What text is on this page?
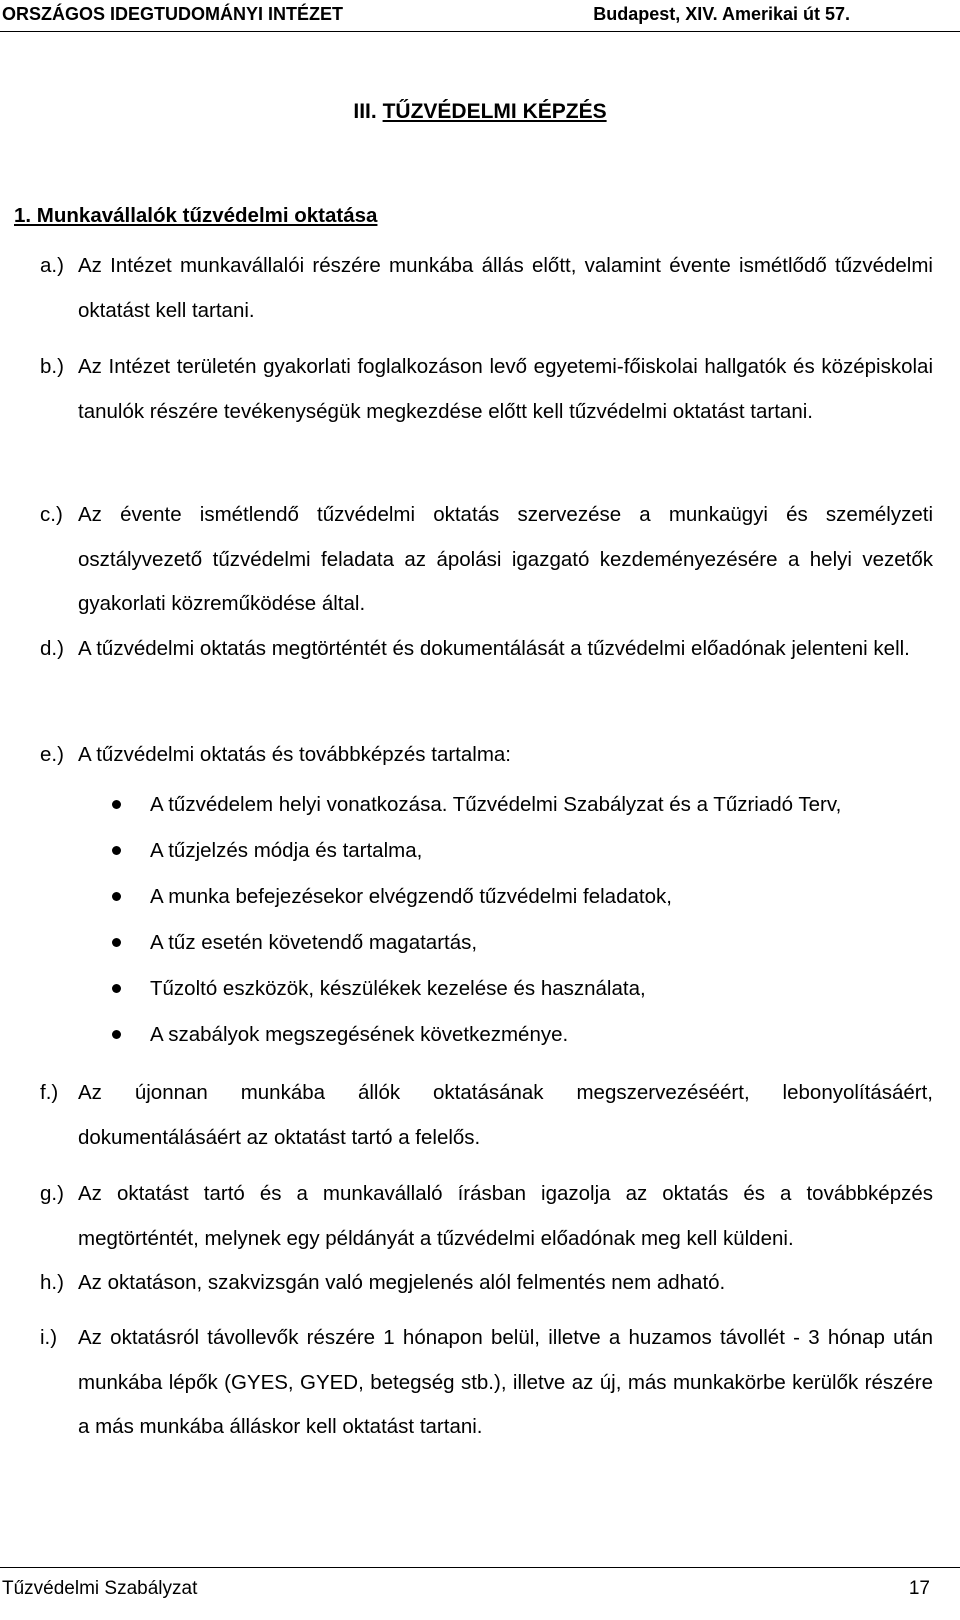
ORSZÁGOS IDEGTUDOMÁNYI INTÉZET	Budapest, XIV. Amerikai út 57.
III. TŰZVÉDELMI KÉPZÉS
1. Munkavállalók tűzvédelmi oktatása
a.) Az Intézet munkavállalói részére munkába állás előtt, valamint évente ismétlődő tűzvédelmi oktatást kell tartani.
b.) Az Intézet területén gyakorlati foglalkozáson levő egyetemi-főiskolai hallgatók és középiskolai tanulók részére tevékenységük megkezdése előtt kell tűzvédelmi oktatást tartani.
c.) Az évente ismétlendő tűzvédelmi oktatás szervezése a munkaügyi és személyzeti osztályvezető tűzvédelmi feladata az ápolási igazgató kezdeményezésére a helyi vezetők gyakorlati közreműködése által.
d.) A tűzvédelmi oktatás megtörténtét és dokumentálását a tűzvédelmi előadónak jelenteni kell.
e.) A tűzvédelmi oktatás és továbbképzés tartalma:
A tűzvédelem helyi vonatkozása. Tűzvédelmi Szabályzat és a Tűzriadó Terv,
A tűzjelzés módja és tartalma,
A munka befejezésekor elvégzendő tűzvédelmi feladatok,
A tűz esetén követendő magatartás,
Tűzoltó eszközök, készülékek kezelése és használata,
A szabályok megszegésének következménye.
f.) Az újonnan munkába állók oktatásának megszervezéséért, lebonyolításáért, dokumentálásáért az oktatást tartó a felelős.
g.) Az oktatást tartó és a munkavállaló írásban igazolja az oktatás és a továbbképzés megtörténtét, melynek egy példányát a tűzvédelmi előadónak meg kell küldeni.
h.) Az oktatáson, szakvizsgán való megjelenés alól felmentés nem adható.
i.) Az oktatásról távollevők részére 1 hónapon belül, illetve a huzamos távollét - 3 hónap után munkába lépők (GYES, GYED, betegség stb.), illetve az új, más munkakörbe kerülők részére a más munkába álláskor kell oktatást tartani.
Tűzvédelmi Szabályzat	17
